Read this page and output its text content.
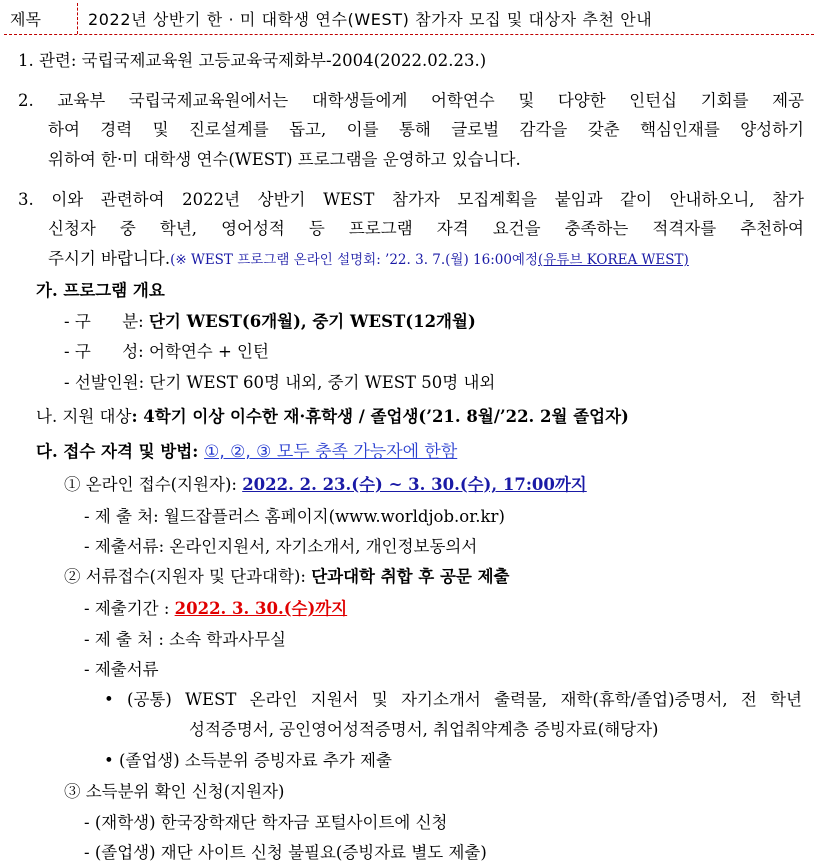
제목	2022년 상반기 한 · 미 대학생 연수(WEST) 참가자 모집 및 대상자 추천 안내
1. 관련: 국립국제교육원 고등교육국제화부-2004(2022.02.23.)
2. 교육부 국립국제교육원에서는 대학생들에게 어학연수 및 다양한 인턴십 기회를 제공
하여 경력 및 진로설계를 돕고, 이를 통해 글로벌 감각을 갖춘 핵심인재를 양성하기
위하여 한·미 대학생 연수(WEST) 프로그램을 운영하고 있습니다.
3. 이와 관련하여 2022년 상반기 WEST 참가자 모집계획을 붙임과 같이 안내하오니, 참가
신청자 중 학년, 영어성적 등 프로그램 자격 요건을 충족하는 적격자를 추천하여
주시기 바랍니다.(※ WEST 프로그램 온라인 설명회: ’22. 3. 7.(월) 16:00예정(유튜브 KOREA WEST)
가. 프로그램 개요
- 구      분: 단기 WEST(6개월), 중기 WEST(12개월)
- 구      성: 어학연수 + 인턴
- 선발인원: 단기 WEST 60명 내외, 중기 WEST 50명 내외
나. 지원 대상: 4학기 이상 이수한 재·휴학생 / 졸업생(’21. 8월/’22. 2월 졸업자)
다. 접수 자격 및 방법: ①, ②, ③ 모두 충족 가능자에 한함
① 온라인 접수(지원자): 2022. 2. 23.(수) ~ 3. 30.(수), 17:00까지
- 제 출 처: 월드잡플러스 홈페이지(www.worldjob.or.kr)
- 제출서류: 온라인지원서, 자기소개서, 개인정보동의서
② 서류접수(지원자 및 단과대학): 단과대학 취합 후 공문 제출
- 제출기간 : 2022. 3. 30.(수)까지
- 제 출 처 : 소속 학과사무실
- 제출서류
• (공통) WEST 온라인 지원서 및 자기소개서 출력물, 재학(휴학/졸업)증명서, 전 학년
성적증명서, 공인영어성적증명서, 취업취약계층 증빙자료(해당자)
• (졸업생) 소득분위 증빙자료 추가 제출
③ 소득분위 확인 신청(지원자)
- (재학생) 한국장학재단 학자금 포털사이트에 신청
- (졸업생) 재단 사이트 신청 불필요(증빙자료 별도 제출)
